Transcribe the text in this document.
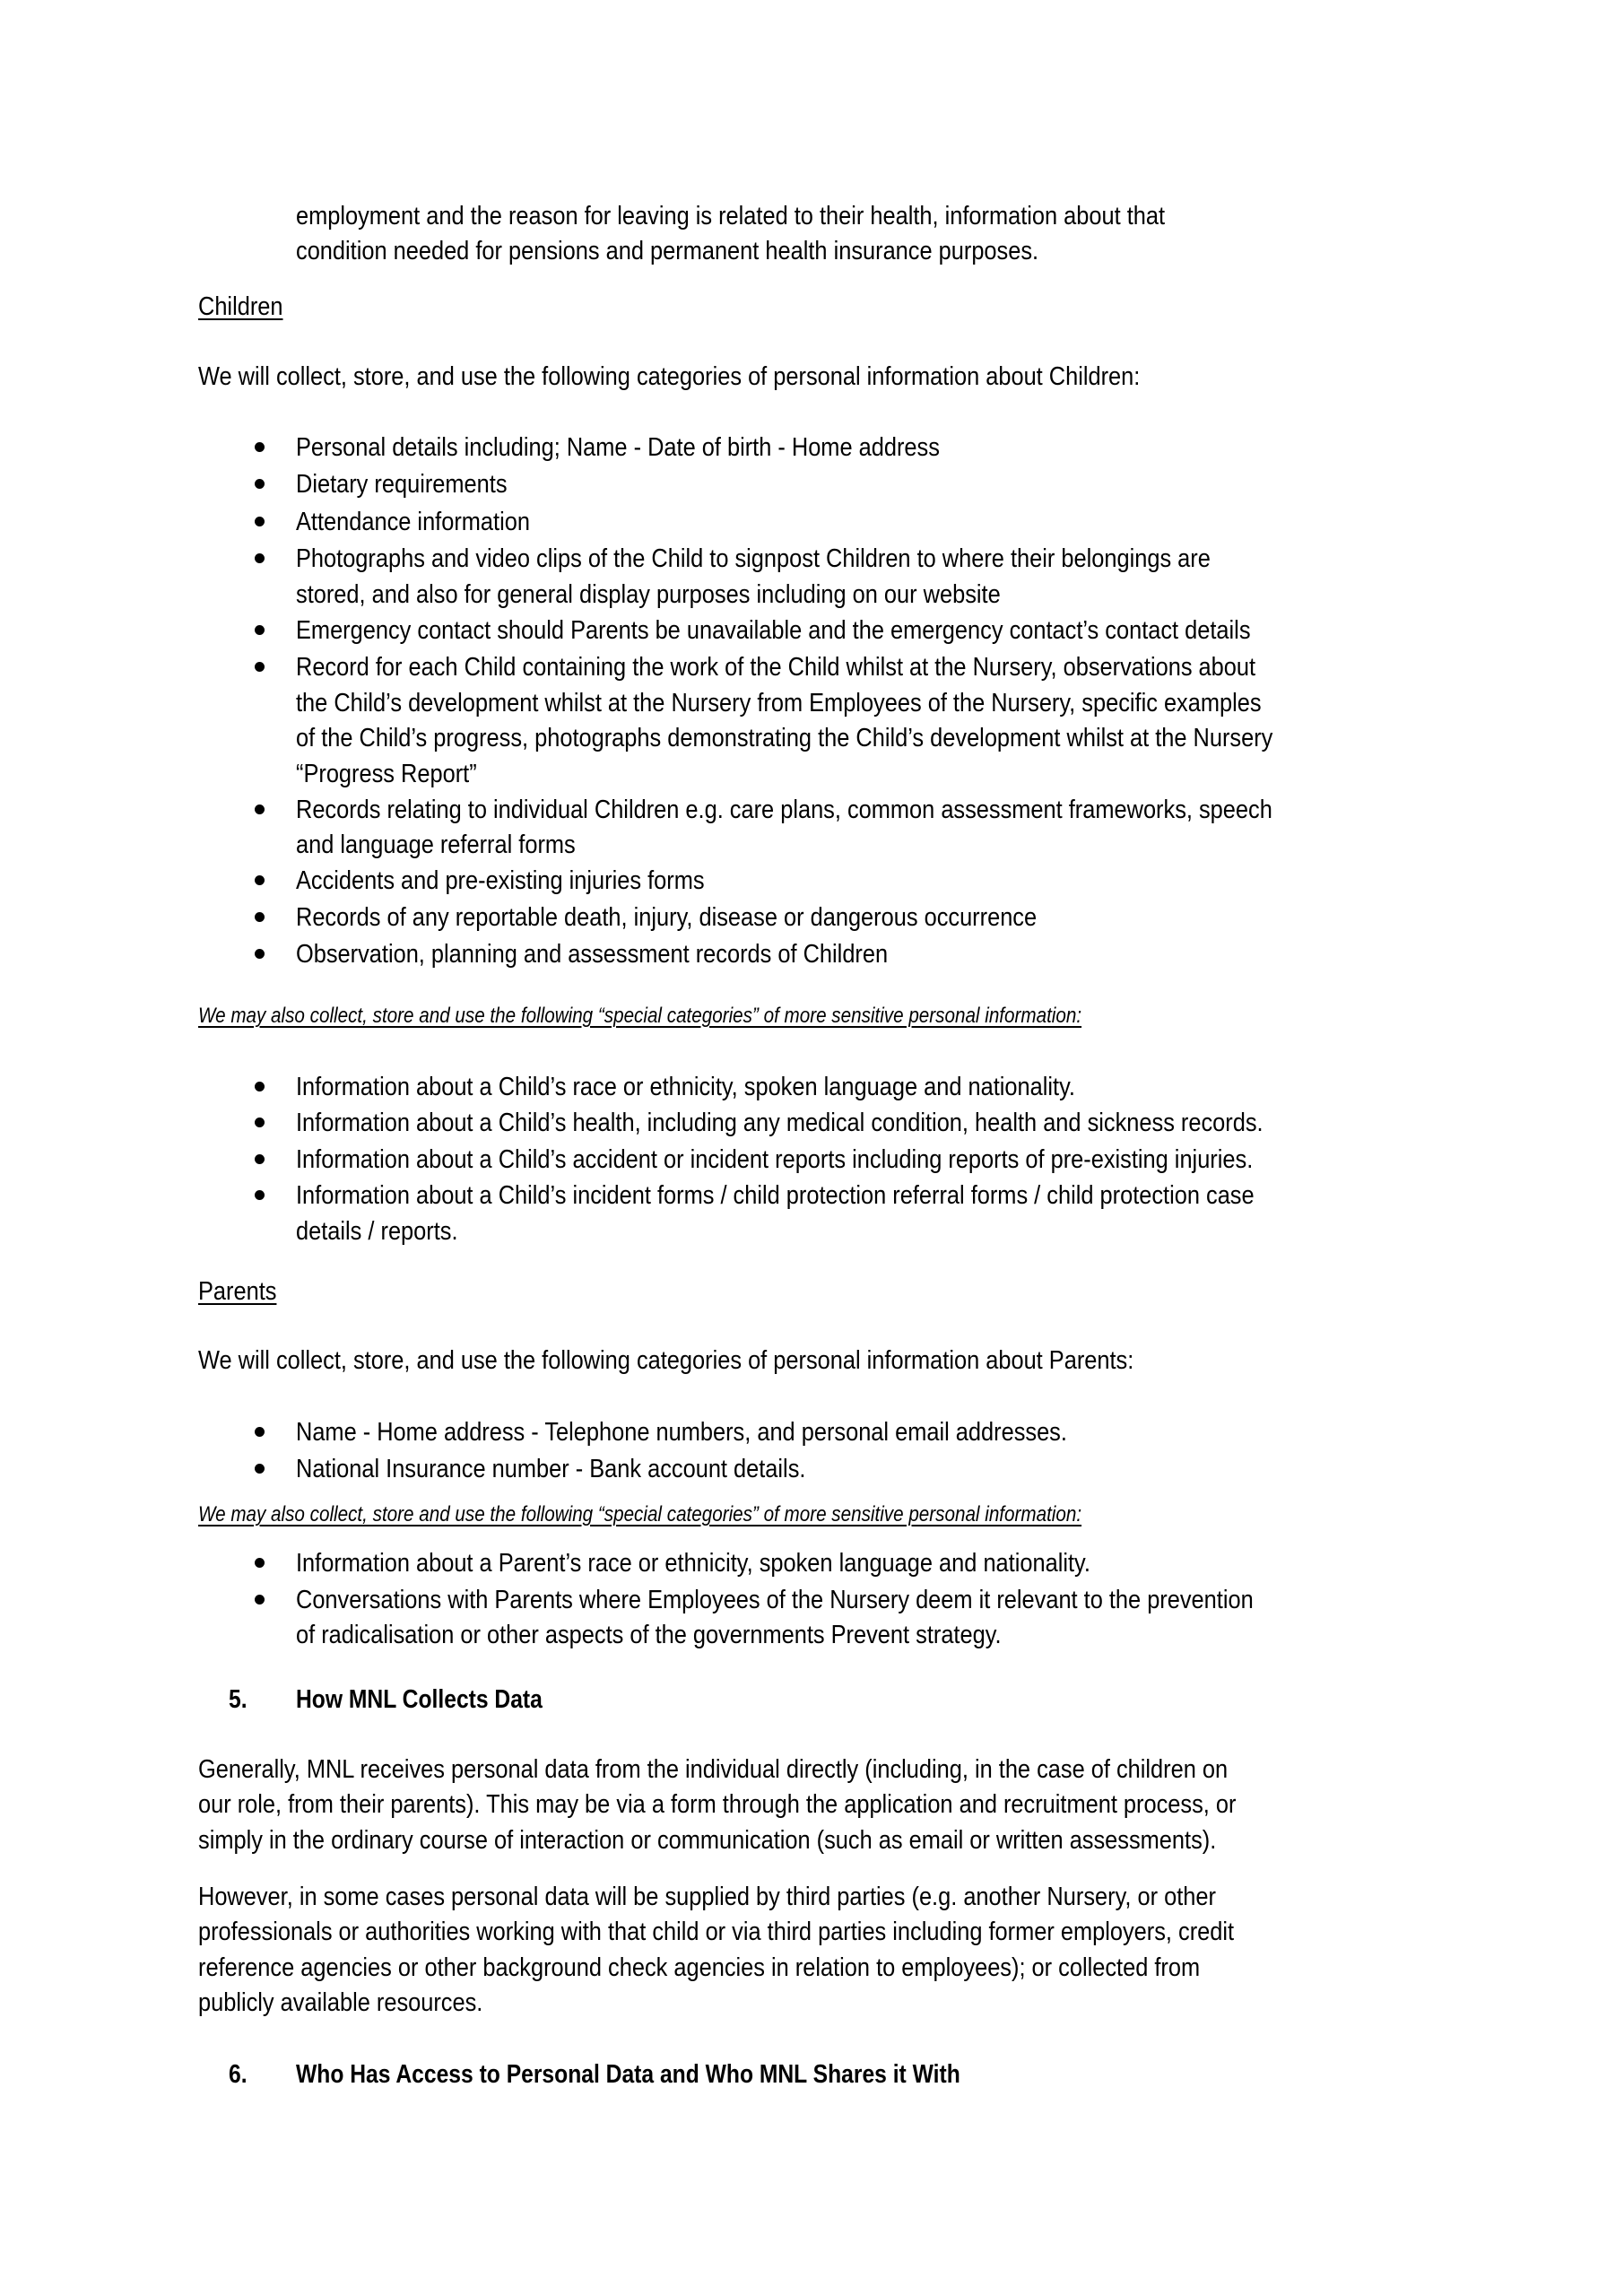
employment and the reason for leaving is related to their health, information about that
condition needed for pensions and permanent health insurance purposes.
Children
We will collect, store, and use the following categories of personal information about Children:
Personal details including; Name - Date of birth - Home address
Dietary requirements
Attendance information
Photographs and video clips of the Child to signpost Children to where their belongings are
stored, and also for general display purposes including on our website
Emergency contact should Parents be unavailable and the emergency contact’s contact details
Record for each Child containing the work of the Child whilst at the Nursery, observations about
the Child’s development whilst at the Nursery from Employees of the Nursery, specific examples
of the Child’s progress, photographs demonstrating the Child’s development whilst at the Nursery
“Progress Report”
Records relating to individual Children e.g. care plans, common assessment frameworks, speech
and language referral forms
Accidents and pre-existing injuries forms
Records of any reportable death, injury, disease or dangerous occurrence
Observation, planning and assessment records of Children
We may also collect, store and use the following “special categories” of more sensitive personal information:
Information about a Child’s race or ethnicity, spoken language and nationality.
Information about a Child’s health, including any medical condition, health and sickness records.
Information about a Child’s accident or incident reports including reports of pre-existing injuries.
Information about a Child’s incident forms / child protection referral forms / child protection case
details / reports.
Parents
We will collect, store, and use the following categories of personal information about Parents:
Name - Home address - Telephone numbers, and personal email addresses.
National Insurance number - Bank account details.
We may also collect, store and use the following “special categories” of more sensitive personal information:
Information about a Parent’s race or ethnicity, spoken language and nationality.
Conversations with Parents where Employees of the Nursery deem it relevant to the prevention
of radicalisation or other aspects of the governments Prevent strategy.
5. How MNL Collects Data
Generally, MNL receives personal data from the individual directly (including, in the case of children on
our role, from their parents). This may be via a form through the application and recruitment process, or
simply in the ordinary course of interaction or communication (such as email or written assessments).
However, in some cases personal data will be supplied by third parties (e.g. another Nursery, or other
professionals or authorities working with that child or via third parties including former employers, credit
reference agencies or other background check agencies in relation to employees); or collected from
publicly available resources.
6. Who Has Access to Personal Data and Who MNL Shares it With
